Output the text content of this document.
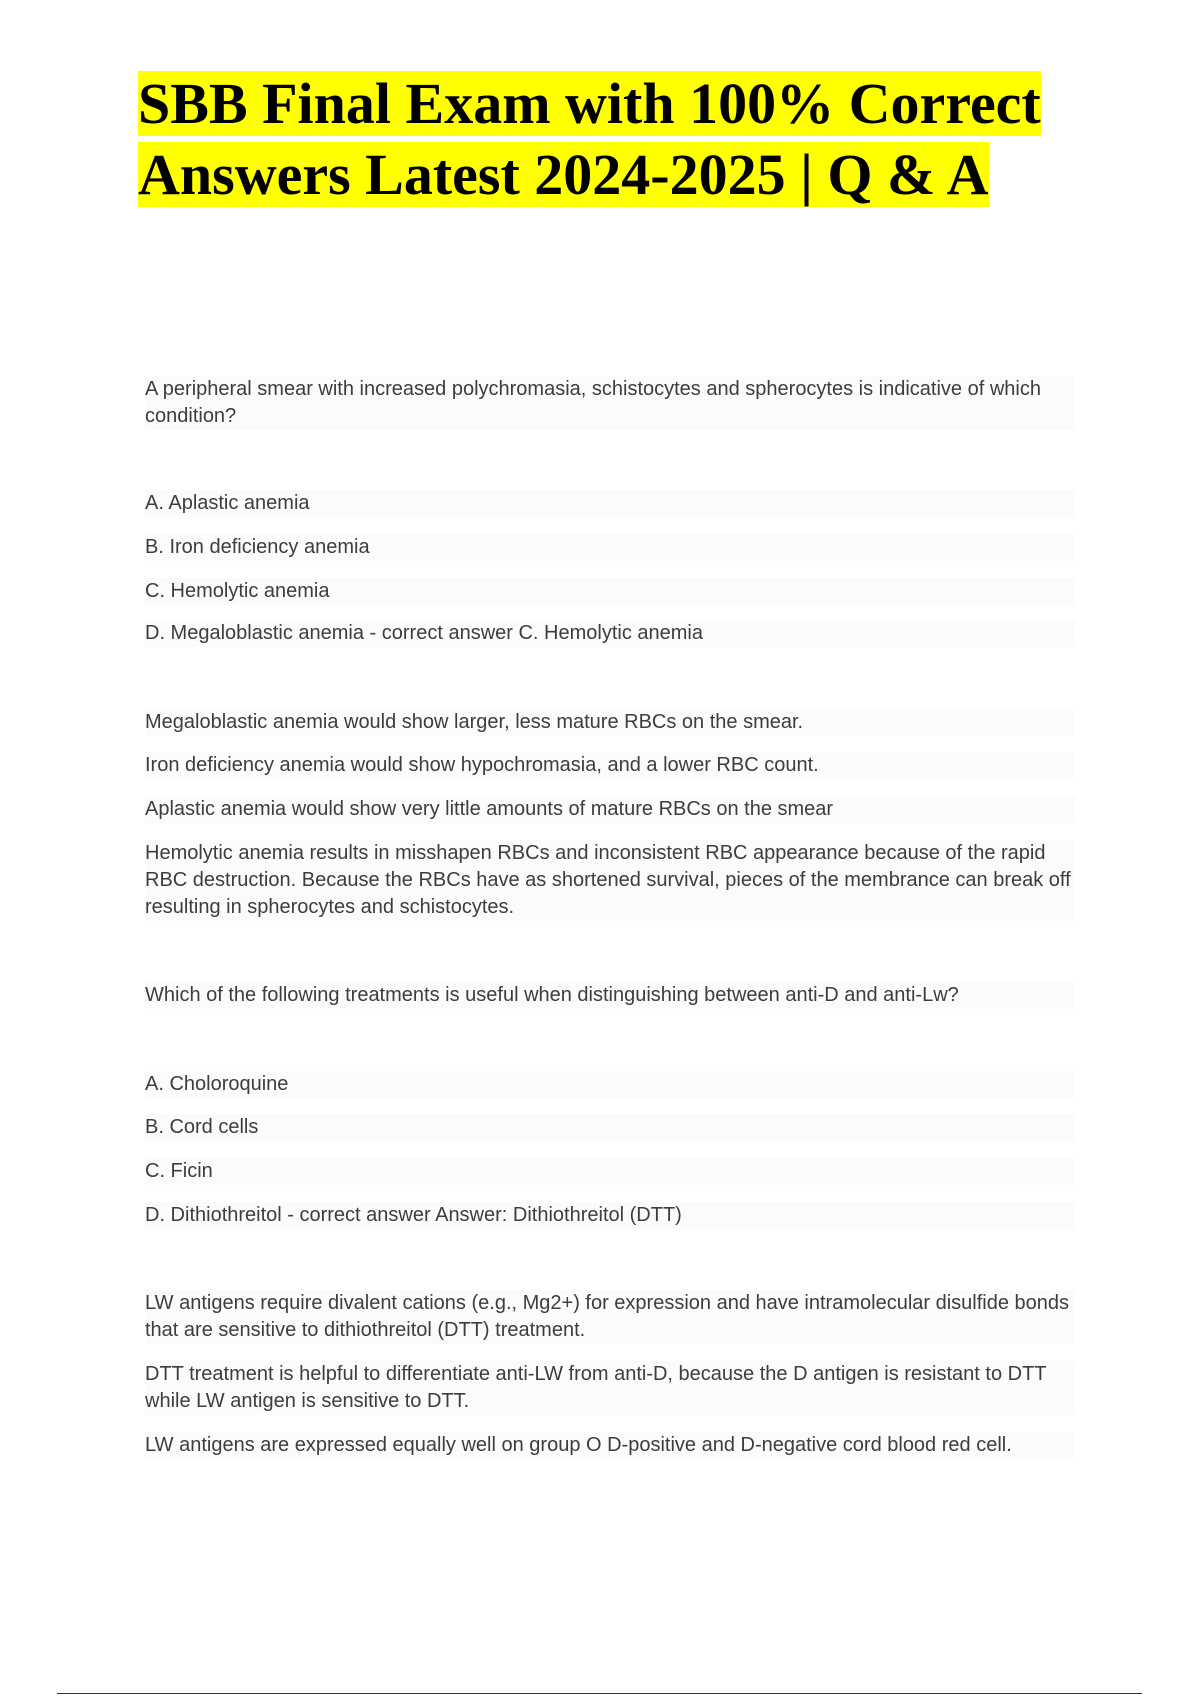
SBB Final Exam with 100% Correct
Answers Latest 2024-2025 | Q & A

A peripheral smear with increased polychromasia, schistocytes and spherocytes is indicative of which condition?

A. Aplastic anemia

B. Iron deficiency anemia

C. Hemolytic anemia

D. Megaloblastic anemia - correct answer C. Hemolytic anemia

Megaloblastic anemia would show larger, less mature RBCs on the smear.

Iron deficiency anemia would show hypochromasia, and a lower RBC count.

Aplastic anemia would show very little amounts of mature RBCs on the smear

Hemolytic anemia results in misshapen RBCs and inconsistent RBC appearance because of the rapid RBC destruction. Because the RBCs have as shortened survival, pieces of the membrance can break off resulting in spherocytes and schistocytes.

Which of the following treatments is useful when distinguishing between anti-D and anti-Lw?

A. Choloroquine

B. Cord cells

C. Ficin

D. Dithiothreitol - correct answer Answer: Dithiothreitol (DTT)

LW antigens require divalent cations (e.g., Mg2+) for expression and have intramolecular disulfide bonds that are sensitive to dithiothreitol (DTT) treatment.

DTT treatment is helpful to differentiate anti-LW from anti-D, because the D antigen is resistant to DTT while LW antigen is sensitive to DTT.

LW antigens are expressed equally well on group O D-positive and D-negative cord blood red cell.
